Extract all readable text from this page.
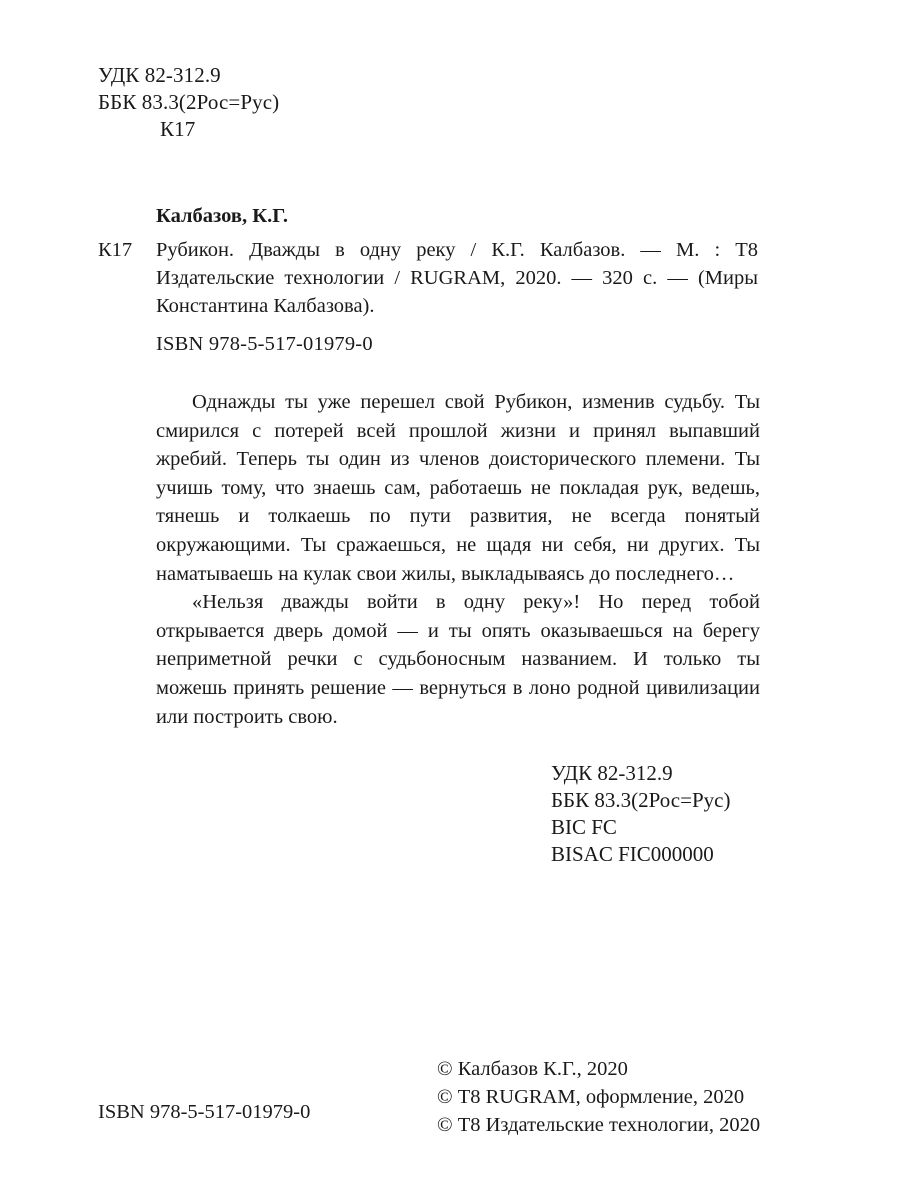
УДК 82-312.9
ББК 83.3(2Рос=Рус)
К17
Калбазов, К.Г.
К17	Рубикон. Дважды в одну реку / К.Г. Калбазов. — М. : Т8 Издательские технологии / RUGRAM, 2020. — 320 с. — (Миры Константина Калбазова).
ISBN 978-5-517-01979-0

Однажды ты уже перешел свой Рубикон, изменив судьбу. Ты смирился с потерей всей прошлой жизни и принял выпавший жребий. Теперь ты один из членов доисторического племени. Ты учишь тому, что знаешь сам, работаешь не покладая рук, ведешь, тянешь и толкаешь по пути развития, не всегда понятый окружающими. Ты сражаешься, не щадя ни себя, ни других. Ты наматываешь на кулак свои жилы, выкладываясь до последнего…

«Нельзя дважды войти в одну реку»! Но перед тобой открывается дверь домой — и ты опять оказываешься на берегу неприметной речки с судьбоносным названием. И только ты можешь принять решение — вернуться в лоно родной цивилизации или построить свою.

УДК 82-312.9
ББК 83.3(2Рос=Рус)
BIC FC
BISAC FIC000000
ISBN 978-5-517-01979-0
© Калбазов К.Г., 2020
© Т8 RUGRAM, оформление, 2020
© Т8 Издательские технологии, 2020
